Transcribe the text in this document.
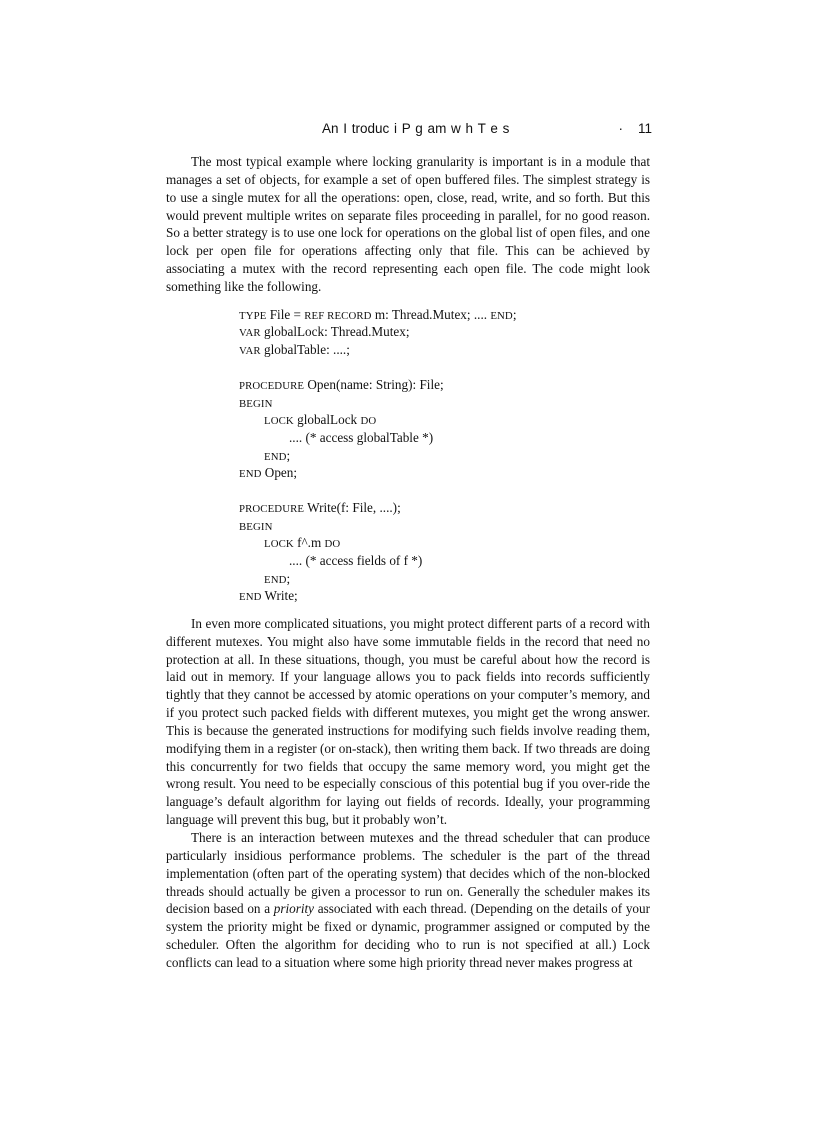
An I troduc i P g am w h T e s	· 11

The most typical example where locking granularity is important is in a module that manages a set of objects, for example a set of open buffered files. The simplest strategy is to use a single mutex for all the operations: open, close, read, write, and so forth. But this would prevent multiple writes on separate files proceeding in parallel, for no good reason. So a better strategy is to use one lock for operations on the global list of open files, and one lock per open file for operations affecting only that file. This can be achieved by associating a mutex with the record representing each open file. The code might look something like the following.

TYPE File = REF RECORD m: Thread.Mutex; .... END;
VAR globalLock: Thread.Mutex;
VAR globalTable: ....;
PROCEDURE Open(name: String): File;
BEGIN
LOCK globalLock DO
.... (* access globalTable *)
END;
END Open;
PROCEDURE Write(f: File, ....);
BEGIN
LOCK f^.m DO
.... (* access fields of f *)
END;
END Write;

In even more complicated situations, you might protect different parts of a record with different mutexes. You might also have some immutable fields in the record that need no protection at all. In these situations, though, you must be careful about how the record is laid out in memory. If your language allows you to pack fields into records sufficiently tightly that they cannot be accessed by atomic operations on your computer’s memory, and if you protect such packed fields with different mutexes, you might get the wrong answer. This is because the generated instructions for modifying such fields involve reading them, modifying them in a register (or on-stack), then writing them back. If two threads are doing this concurrently for two fields that occupy the same memory word, you might get the wrong result. You need to be especially conscious of this potential bug if you over-ride the language’s default algorithm for laying out fields of records. Ideally, your programming language will prevent this bug, but it probably won’t.

There is an interaction between mutexes and the thread scheduler that can produce particularly insidious performance problems. The scheduler is the part of the thread implementation (often part of the operating system) that decides which of the non-blocked threads should actually be given a processor to run on. Generally the scheduler makes its decision based on a priority associated with each thread. (Depending on the details of your system the priority might be fixed or dynamic, programmer assigned or computed by the scheduler. Often the algorithm for deciding who to run is not specified at all.) Lock conflicts can lead to a situation where some high priority thread never makes progress at
